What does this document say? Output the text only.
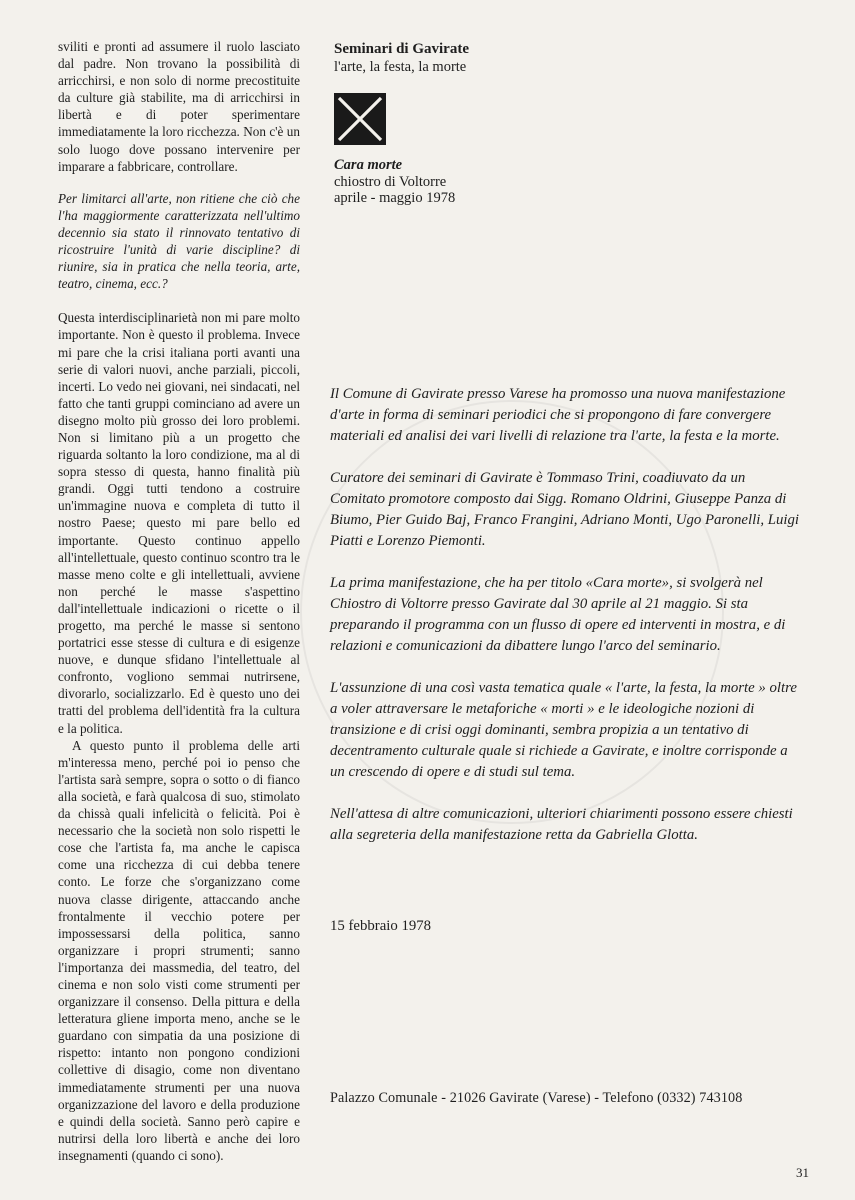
sviliti e pronti ad assumere il ruolo lasciato dal padre. Non trovano la possibilità di arricchirsi, e non solo di norme precostituite da culture già stabilite, ma di arricchirsi in libertà e di poter sperimentare immediatamente la loro ricchezza. Non c'è un solo luogo dove possano intervenire per imparare a fabbricare, controllare.

Per limitarci all'arte, non ritiene che ciò che l'ha maggiormente caratterizzata nell'ultimo decennio sia stato il rinnovato tentativo di ricostruire l'unità di varie discipline? di riunire, sia in pratica che nella teoria, arte, teatro, cinema, ecc.?

Questa interdisciplinarietà non mi pare molto importante. Non è questo il problema. Invece mi pare che la crisi italiana porti avanti una serie di valori nuovi, anche parziali, piccoli, incerti. Lo vedo nei giovani, nei sindacati, nel fatto che tanti gruppi cominciano ad avere un disegno molto più grosso dei loro problemi. Non si limitano più a un progetto che riguarda soltanto la loro condizione, ma al di sopra stesso di questa, hanno finalità più grandi. Oggi tutti tendono a costruire un'immagine nuova e completa di tutto il nostro Paese; questo mi pare bello ed importante. Questo continuo appello all'intellettuale, questo continuo scontro tra le masse meno colte e gli intellettuali, avviene non perché le masse s'aspettino dall'intellettuale indicazioni o ricette o il progetto, ma perché le masse si sentono portatrici esse stesse di cultura e di esigenze nuove, e dunque sfidano l'intellettuale al confronto, vogliono semmai nutrirsene, divorarlo, socializzarlo. Ed è questo uno dei tratti del problema dell'identità fra la cultura e la politica.

A questo punto il problema delle arti m'interessa meno, perché poi io penso che l'artista sarà sempre, sopra o sotto o di fianco alla società, e farà qualcosa di suo, stimolato da chissà quali infelicità o felicità. Poi è necessario che la società non solo rispetti le cose che l'artista fa, ma anche le capisca come una ricchezza di cui debba tenere conto. Le forze che s'organizzano come nuova classe dirigente, attaccando anche frontalmente il vecchio potere per impossessarsi della politica, sanno organizzare i propri strumenti; sanno l'importanza dei massmedia, del teatro, del cinema e non solo visti come strumenti per organizzare il consenso. Della pittura e della letteratura gliene importa meno, anche se le guardano con simpatia da una posizione di rispetto: intanto non pongono condizioni collettive di disagio, come non diventano immediatamente strumenti per una nuova organizzazione del lavoro e della produzione e quindi della società. Sanno però capire e nutrirsi della loro libertà e anche dei loro insegnamenti (quando ci sono).

Seminari di Gavirate
l'arte, la festa, la morte
Cara morte
chiostro di Voltorre
aprile - maggio 1978

Il Comune di Gavirate presso Varese ha promosso una nuova manifestazione d'arte in forma di seminari periodici che si propongono di fare convergere materiali ed analisi dei vari livelli di relazione tra l'arte, la festa e la morte.

Curatore dei seminari di Gavirate è Tommaso Trini, coadiuvato da un Comitato promotore composto dai Sigg. Romano Oldrini, Giuseppe Panza di Biumo, Pier Guido Baj, Franco Frangini, Adriano Monti, Ugo Paronelli, Luigi Piatti e Lorenzo Piemonti.

La prima manifestazione, che ha per titolo «Cara morte», si svolgerà nel Chiostro di Voltorre presso Gavirate dal 30 aprile al 21 maggio. Si sta preparando il programma con un flusso di opere ed interventi in mostra, e di relazioni e comunicazioni da dibattere lungo l'arco del seminario.

L'assunzione di una così vasta tematica quale « l'arte, la festa, la morte » oltre a voler attraversare le metaforiche « morti » e le ideologiche nozioni di transizione e di crisi oggi dominanti, sembra propizia a un tentativo di decentramento culturale quale si richiede a Gavirate, e inoltre corrisponde a un crescendo di opere e di studi sul tema.

Nell'attesa di altre comunicazioni, ulteriori chiarimenti possono essere chiesti alla segreteria della manifestazione retta da Gabriella Glotta.

15 febbraio 1978
Palazzo Comunale - 21026 Gavirate (Varese) - Telefono (0332) 743108
31
